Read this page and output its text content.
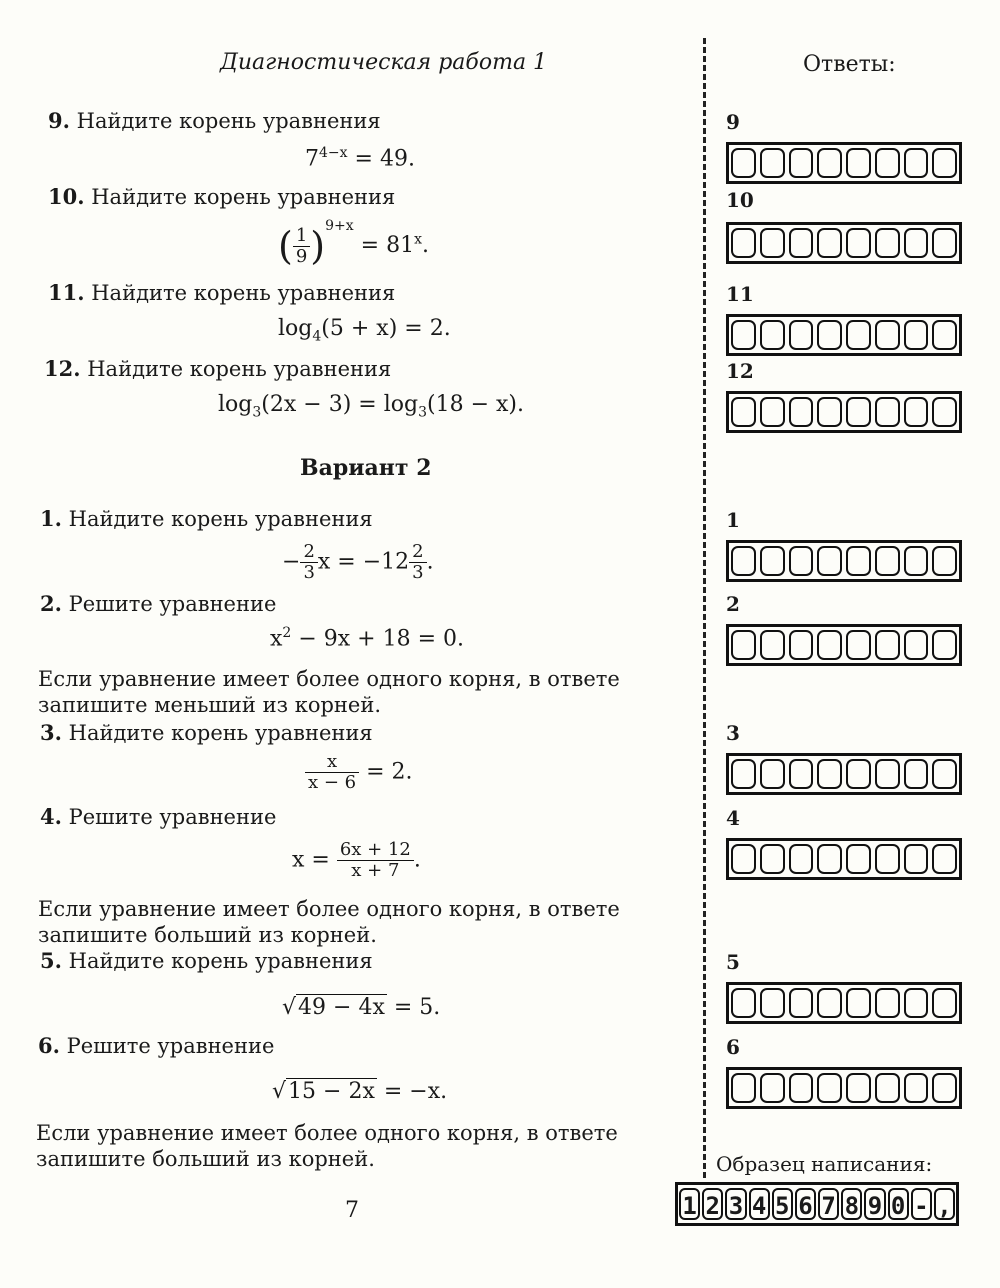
Диагностическая работа 1	Ответы:
9. Найдите корень уравнения
$7^{4-x} = 49$.
10. Найдите корень уравнения
( $\frac{1}{9} )^{9+x} = 81^x$.
11. Найдите корень уравнения
$\log_4(5 + x) = 2$.
12. Найдите корень уравнения
$\log_3(2x - 3) = \log_3(18 - x)$.
Вариант 2
1. Найдите корень уравнения
− $\frac{2}{3}$ $x = -12 \frac{2}{3}$ .
2. Решите уравнение
$x^2 - 9x + 18 = 0$.
Если уравнение имеет более одного корня, в ответе запишите меньший из корней.
3. Найдите корень уравнения
$\frac{x}{x - 6} = 2$.
4. Решите уравнение
$x = \frac{6x + 12}{x + 7}$ .
Если уравнение имеет более одного корня, в ответе запишите больший из корней.
5. Найдите корень уравнения
√49 − 4x = 5.
6. Решите уравнение
√15 − 2x = −x.
Если уравнение имеет более одного корня, в ответе запишите больший из корней.
7
9
10
11
12
1
2
3
4
5
6
Образец написания:
1 2 3 4 5 6 7 8 9 0 - ,
